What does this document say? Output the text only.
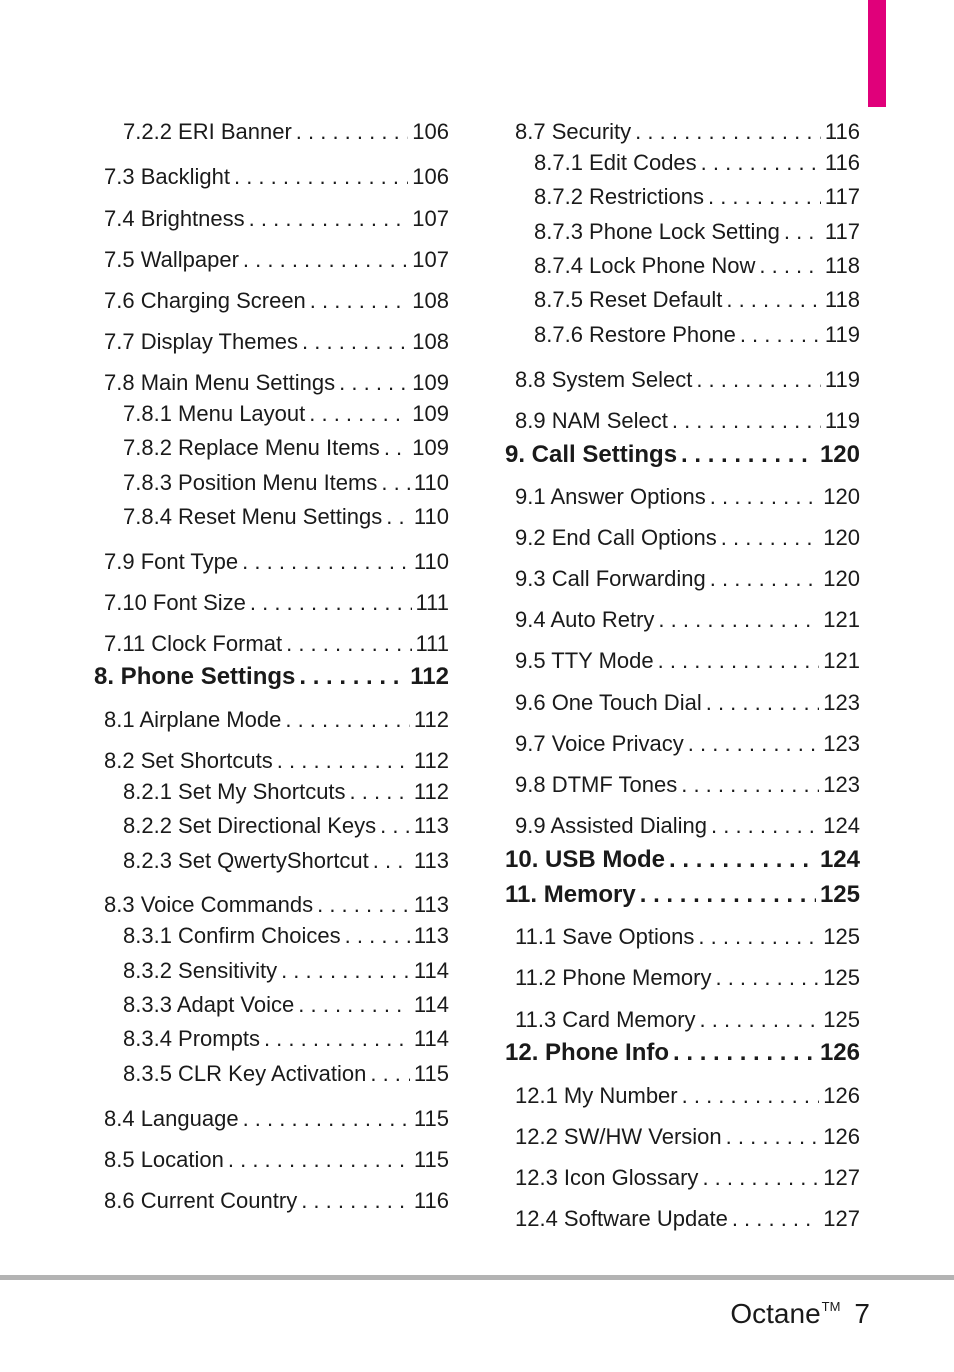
7.2.2 ERI Banner . . .	106
7.3 Backlight . . .	106
7.4 Brightness . . .	107
7.5 Wallpaper . . .	107
7.6 Charging Screen . . .	108
7.7 Display Themes . . .	108
7.8 Main Menu Settings . . .	109
7.8.1 Menu Layout . . .	109
7.8.2 Replace Menu Items . . . 109
7.8.3 Position Menu Items . . . 110
7.8.4 Reset Menu Settings . . . 110
7.9 Font Type . . .	110
7.10 Font Size . . .	111
7.11 Clock Format . . .	111
8. Phone Settings . . .	112
8.1 Airplane Mode . . .	112
8.2 Set Shortcuts . . .	112
8.2.1 Set My Shortcuts . . .	112
8.2.2 Set Directional Keys . . . 113
8.2.3 Set QwertyShortcut . . . 113
8.3 Voice Commands . . .	113
8.3.1 Confirm Choices . . .	113
8.3.2 Sensitivity . . .	114
8.3.3 Adapt Voice . . .	114
8.3.4 Prompts . . .	114
8.3.5 CLR Key Activation . . . 115
8.4 Language . . .	115
8.5 Location . . .	115
8.6 Current Country . . .	116
8.7 Security . . .	116
8.7.1 Edit Codes . . .	116
8.7.2 Restrictions . . .	117
8.7.3 Phone Lock Setting . . . 117
8.7.4 Lock Phone Now . . .	118
8.7.5 Reset Default . . .	118
8.7.6 Restore Phone . . .	119
8.8 System Select . . .	119
8.9 NAM Select . . .	119
9. Call Settings . . .	120
9.1 Answer Options . . .	120
9.2 End Call Options . . .	120
9.3 Call Forwarding . . .	120
9.4 Auto Retry . . .	121
9.5 TTY Mode . . .	121
9.6 One Touch Dial . . .	123
9.7 Voice Privacy . . .	123
9.8 DTMF Tones . . .	123
9.9 Assisted Dialing . . .	124
10. USB Mode . . .	124
11. Memory . . .	125
11.1 Save Options . . .	125
11.2 Phone Memory . . .	125
11.3 Card Memory . . .	125
12. Phone Info . . .	126
12.1 My Number . . .	126
12.2 SW/HW Version . . .	126
12.3 Icon Glossary . . .	127
12.4 Software Update . . .	127
Octane™ 7
